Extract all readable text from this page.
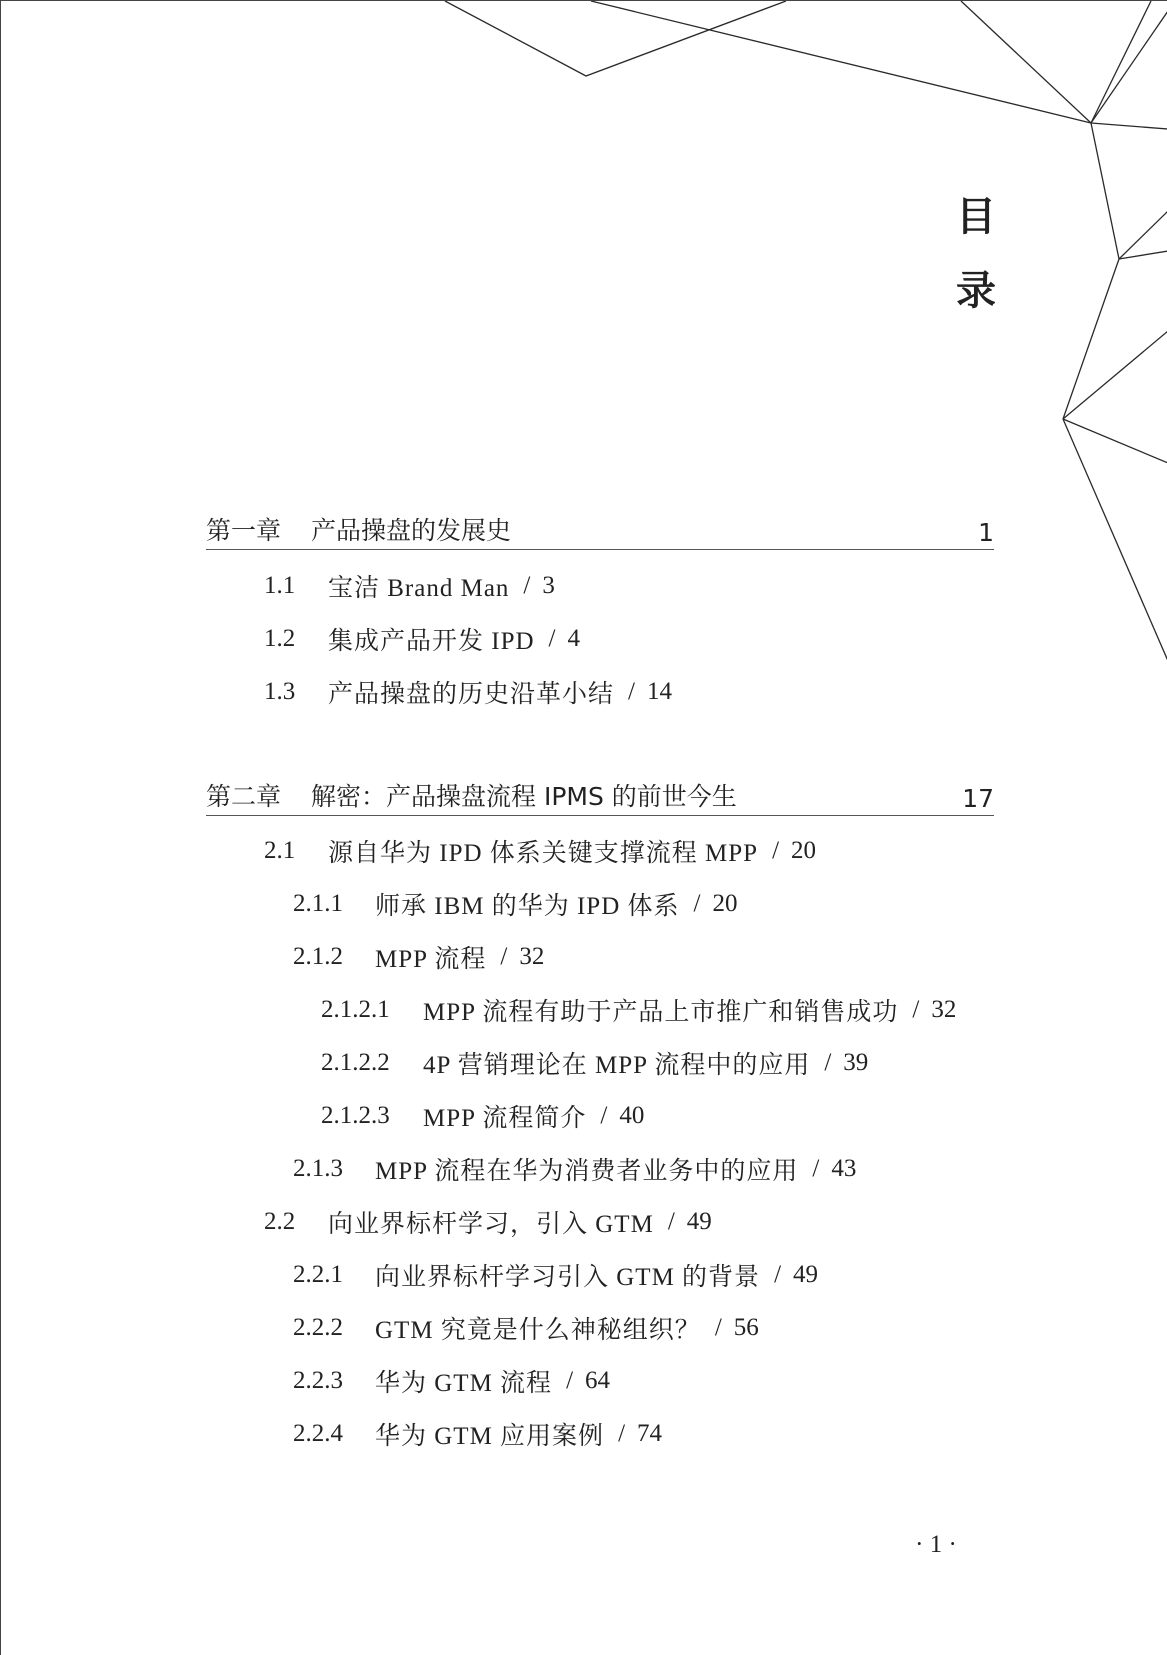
目
录
第一章 产品操盘的发展史	1
1.1	宝洁 Brand Man / 3
1.2	集成产品开发 IPD / 4
1.3	产品操盘的历史沿革小结 / 14
第二章 解密：产品操盘流程 IPMS 的前世今生	17
2.1	源自华为 IPD 体系关键支撑流程 MPP / 20
2.1.1	师承 IBM 的华为 IPD 体系 / 20
2.1.2	MPP 流程 / 32
2.1.2.1	MPP 流程有助于产品上市推广和销售成功 / 32
2.1.2.2	4P 营销理论在 MPP 流程中的应用 / 39
2.1.2.3	MPP 流程简介 / 40
2.1.3	MPP 流程在华为消费者业务中的应用 / 43
2.2	向业界标杆学习，引入 GTM / 49
2.2.1	向业界标杆学习引入 GTM 的背景 / 49
2.2.2	GTM 究竟是什么神秘组织？ / 56
2.2.3	华为 GTM 流程 / 64
2.2.4	华为 GTM 应用案例 / 74
· 1 ·
